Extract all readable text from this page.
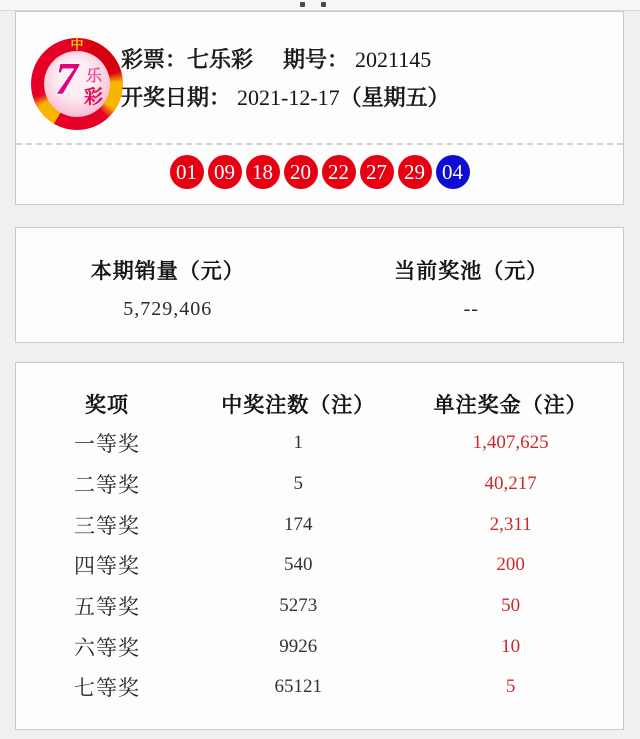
中
7 乐
彩
彩票：七乐彩 期号： 2021145
开奖日期： 2021-12-17（星期五）
01 09 18 20 22 27 29 04
本期销量（元）
5,729,406
当前奖池（元）
--
奖项	中奖注数（注）	单注奖金（注）
一等奖	1	1,407,625
二等奖	5	40,217
三等奖	174	2,311
四等奖	540	200
五等奖	5273	50
六等奖	9926	10
七等奖	65121	5
